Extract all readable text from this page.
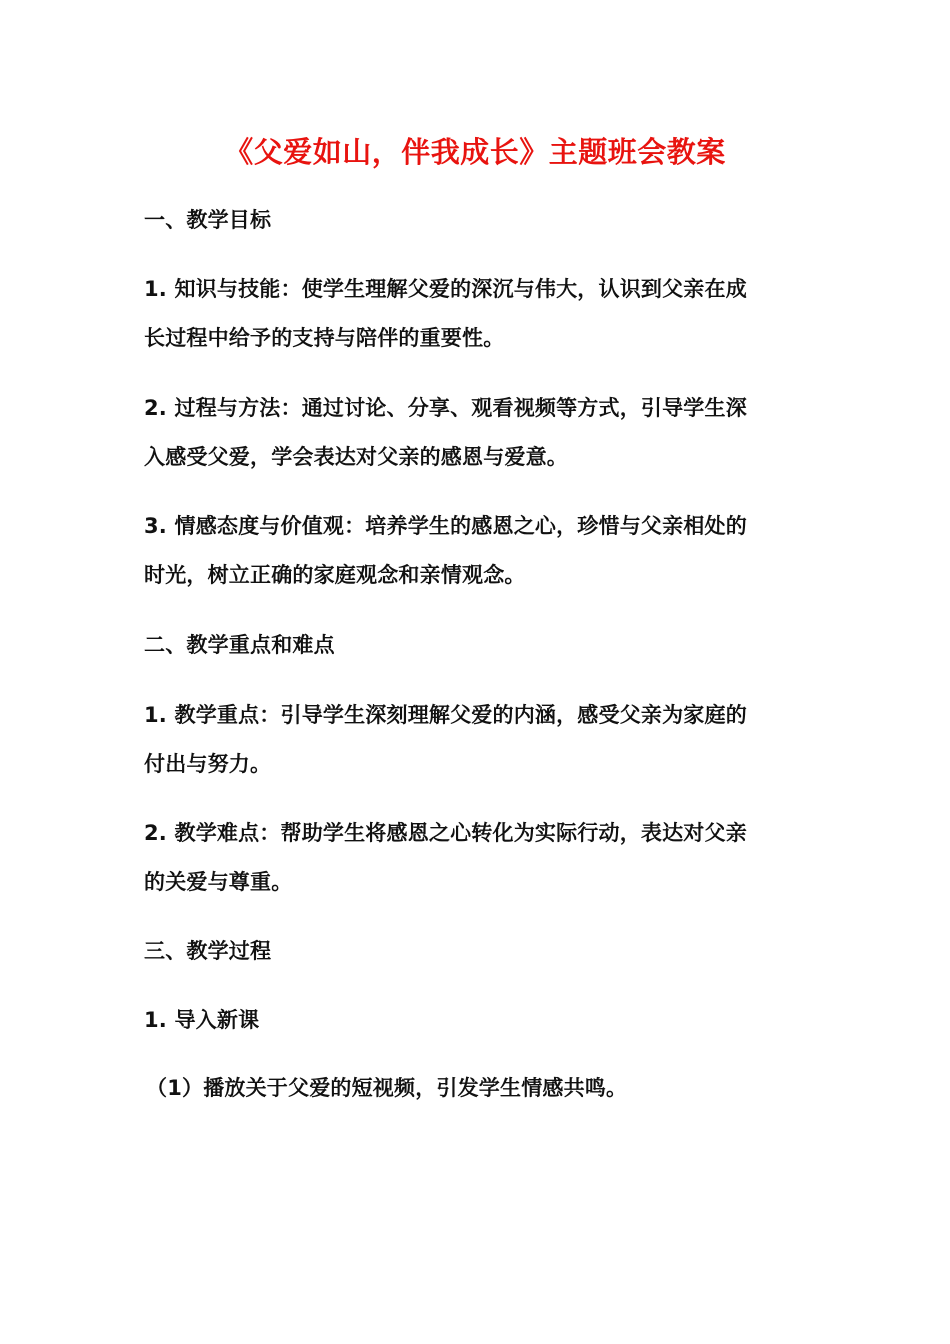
《父爱如山，伴我成长》主题班会教案
一、教学目标
1. 知识与技能：使学生理解父爱的深沉与伟大，认识到父亲在成
长过程中给予的支持与陪伴的重要性。
2. 过程与方法：通过讨论、分享、观看视频等方式，引导学生深
入感受父爱，学会表达对父亲的感恩与爱意。
3. 情感态度与价值观：培养学生的感恩之心，珍惜与父亲相处的
时光，树立正确的家庭观念和亲情观念。
二、教学重点和难点
1. 教学重点：引导学生深刻理解父爱的内涵，感受父亲为家庭的
付出与努力。
2. 教学难点：帮助学生将感恩之心转化为实际行动，表达对父亲
的关爱与尊重。
三、教学过程
1. 导入新课
（1）播放关于父爱的短视频，引发学生情感共鸣。
